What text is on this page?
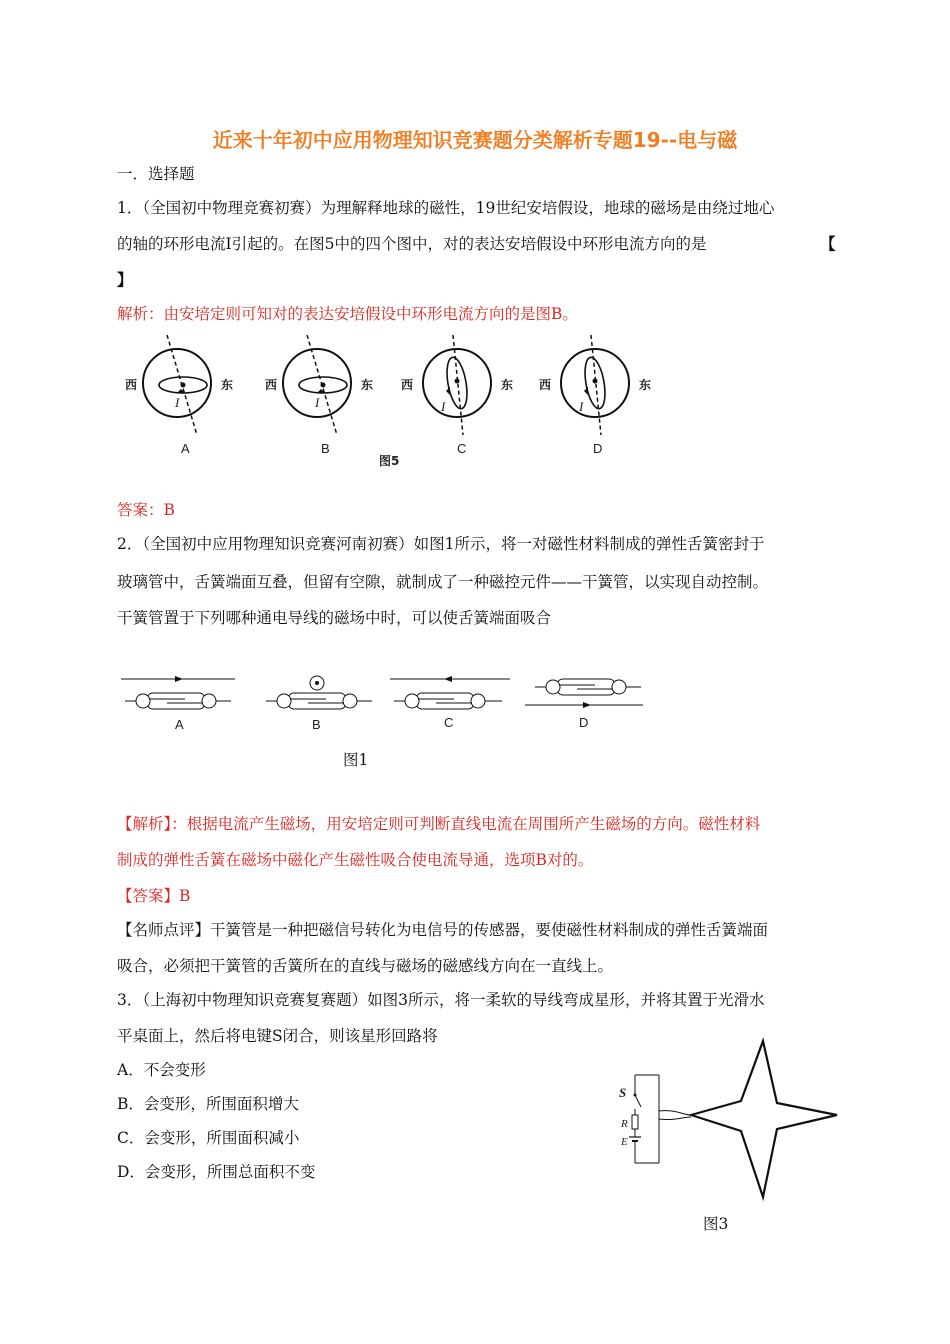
近来十年初中应用物理知识竞赛题分类解析专题19--电与磁
一．选择题
1．（全国初中物理竞赛初赛）为理解释地球的磁性，19世纪安培假设，地球的磁场是由绕过地心
的轴的环形电流I引起的。在图5中的四个图中，对的表达安培假设中环形电流方向的是	【
】
解析：由安培定则可知对的表达安培假设中环形电流方向的是图B。
西	东
I
A
西	东
I
B
西	东
I
C
西	东
I
D
图5
答案：B
2．（全国初中应用物理知识竞赛河南初赛）如图1所示，将一对磁性材料制成的弹性舌簧密封于
玻璃管中，舌簧端面互叠，但留有空隙，就制成了一种磁控元件——干簧管，以实现自动控制。
干簧管置于下列哪种通电导线的磁场中时，可以使舌簧端面吸合
A	B	C	D
图1
【解析】：根据电流产生磁场，用安培定则可判断直线电流在周围所产生磁场的方向。磁性材料
制成的弹性舌簧在磁场中磁化产生磁性吸合使电流导通，选项B对的。
【答案】B
【名师点评】干簧管是一种把磁信号转化为电信号的传感器，要使磁性材料制成的弹性舌簧端面
吸合，必须把干簧管的舌簧所在的直线与磁场的磁感线方向在一直线上。
3．（上海初中物理知识竞赛复赛题）如图3所示，将一柔软的导线弯成星形，并将其置于光滑水
平桌面上，然后将电键S闭合，则该星形回路将
A．不会变形
B．会变形，所围面积增大
C．会变形，所围面积减小
D．会变形，所围总面积不变
S
R
E
图3
